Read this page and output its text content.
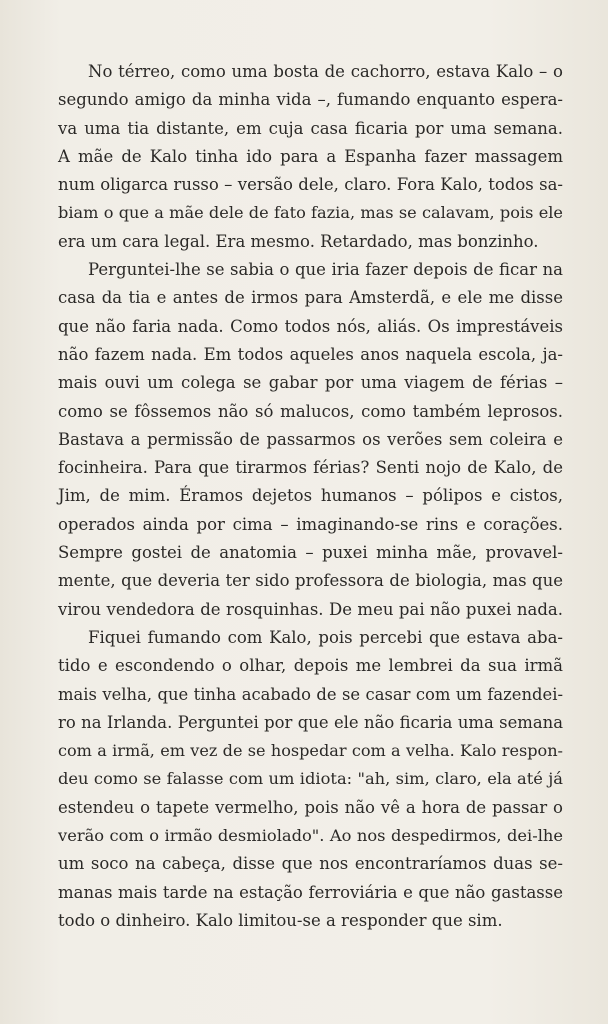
No térreo, como uma bosta de cachorro, estava Kalo – o
segundo amigo da minha vida –, fumando enquanto espera-
va uma tia distante, em cuja casa ficaria por uma semana.
A mãe de Kalo tinha ido para a Espanha fazer massagem
num oligarca russo – versão dele, claro. Fora Kalo, todos sa-
biam o que a mãe dele de fato fazia, mas se calavam, pois ele
era um cara legal. Era mesmo. Retardado, mas bonzinho.
Perguntei-lhe se sabia o que iria fazer depois de ficar na
casa da tia e antes de irmos para Amsterdã, e ele me disse
que não faria nada. Como todos nós, aliás. Os imprestáveis
não fazem nada. Em todos aqueles anos naquela escola, ja-
mais ouvi um colega se gabar por uma viagem de férias –
como se fôssemos não só malucos, como também leprosos.
Bastava a permissão de passarmos os verões sem coleira e
focinheira. Para que tirarmos férias? Senti nojo de Kalo, de
Jim, de mim. Éramos dejetos humanos – pólipos e cistos,
operados ainda por cima – imaginando-se rins e corações.
Sempre gostei de anatomia – puxei minha mãe, provavel-
mente, que deveria ter sido professora de biologia, mas que
virou vendedora de rosquinhas. De meu pai não puxei nada.
Fiquei fumando com Kalo, pois percebi que estava aba-
tido e escondendo o olhar, depois me lembrei da sua irmã
mais velha, que tinha acabado de se casar com um fazendei-
ro na Irlanda. Perguntei por que ele não ficaria uma semana
com a irmã, em vez de se hospedar com a velha. Kalo respon-
deu como se falasse com um idiota: "ah, sim, claro, ela até já
estendeu o tapete vermelho, pois não vê a hora de passar o
verão com o irmão desmiolado". Ao nos despedirmos, dei-lhe
um soco na cabeça, disse que nos encontraríamos duas se-
manas mais tarde na estação ferroviária e que não gastasse
todo o dinheiro. Kalo limitou-se a responder que sim.
